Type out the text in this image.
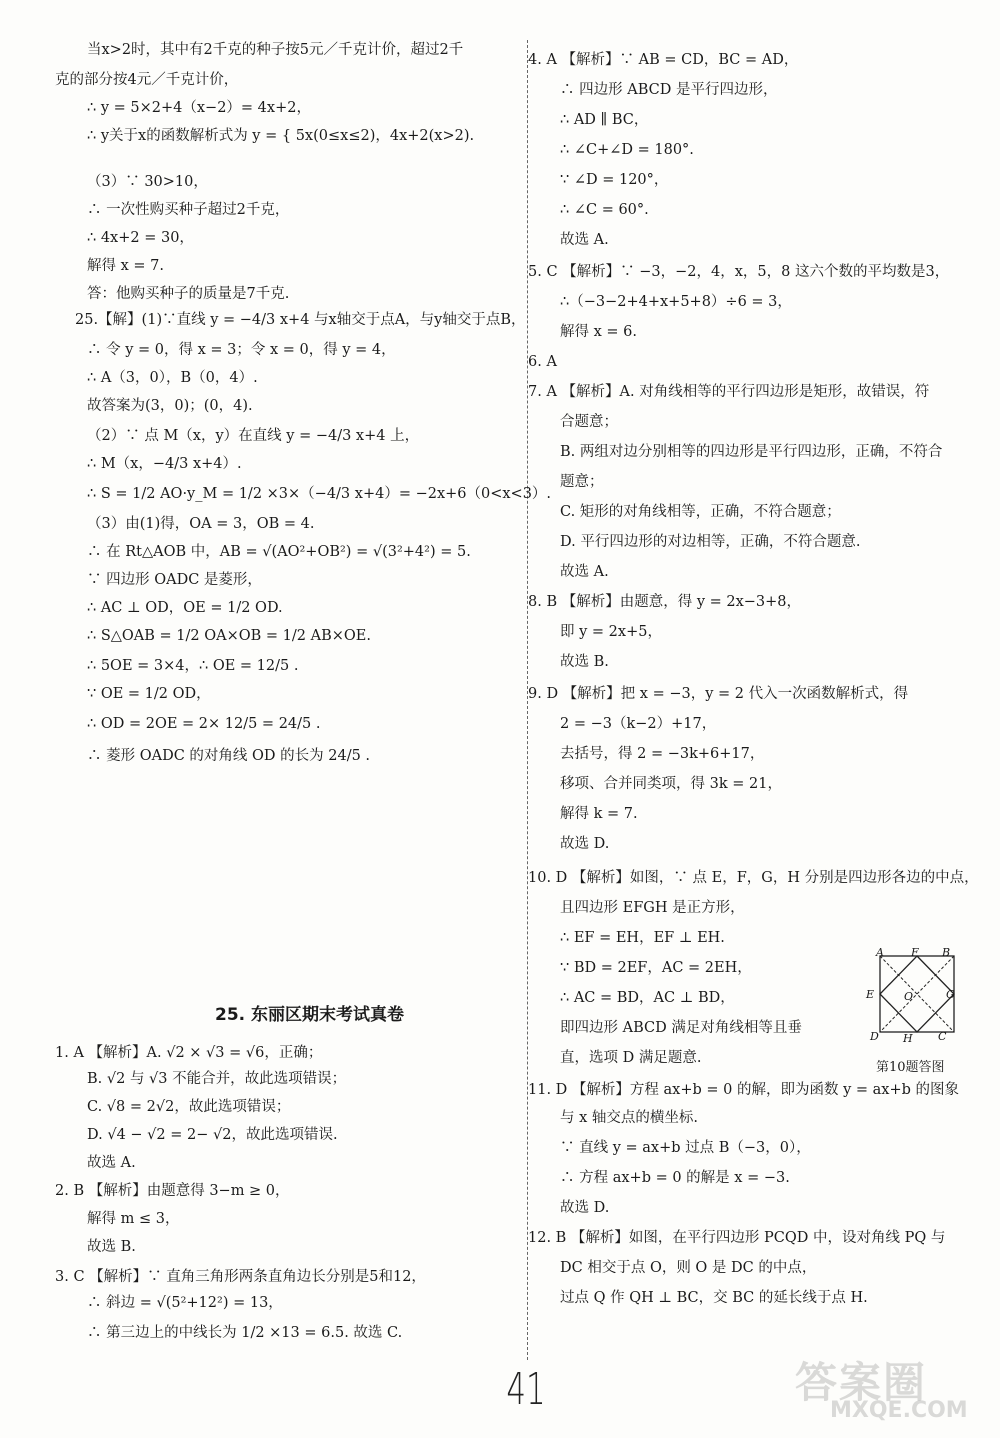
当x>2时，其中有2千克的种子按5元／千克计价，超过2千
克的部分按4元／千克计价，
∴ y = 5×2+4（x−2）= 4x+2，
∴ y关于x的函数解析式为 y = { 5x(0≤x≤2)，4x+2(x>2).
（3）∵ 30>10，
∴ 一次性购买种子超过2千克，
∴ 4x+2 = 30，
解得 x = 7.
答：他购买种子的质量是7千克.
25.【解】(1)∵直线 y = −4/3 x+4 与x轴交于点A，与y轴交于点B，
∴ 令 y = 0，得 x = 3；令 x = 0，得 y = 4，
∴ A（3，0），B（0，4）.
故答案为(3，0)；(0，4).
（2）∵ 点 M（x，y）在直线 y = −4/3 x+4 上，
∴ M（x，−4/3 x+4）.
∴ S = 1/2 AO·y_M = 1/2 ×3×（−4/3 x+4）= −2x+6（0<x<3）.
（3）由(1)得，OA = 3，OB = 4.
∴ 在 Rt△AOB 中，AB = √(AO²+OB²) = √(3²+4²) = 5.
∵ 四边形 OADC 是菱形，
∴ AC ⊥ OD，OE = 1/2 OD.
∴ S△OAB = 1/2 OA×OB = 1/2 AB×OE.
∴ 5OE = 3×4，∴ OE = 12/5 .
∵ OE = 1/2 OD，
∴ OD = 2OE = 2× 12/5 = 24/5 .
∴ 菱形 OADC 的对角线 OD 的长为 24/5 .
1. A 【解析】A. √2 × √3 = √6，正确；
B. √2 与 √3 不能合并，故此选项错误；
C. √8 = 2√2，故此选项错误；
D. √4 − √2 = 2− √2，故此选项错误.
故选 A.
2. B 【解析】由题意得 3−m ≥ 0，
解得 m ≤ 3，
故选 B.
3. C 【解析】∵ 直角三角形两条直角边长分别是5和12，
∴ 斜边 = √(5²+12²) = 13，
∴ 第三边上的中线长为 1/2 ×13 = 6.5. 故选 C.
25. 东丽区期末考试真卷
4. A 【解析】∵ AB = CD，BC = AD，
∴ 四边形 ABCD 是平行四边形，
∴ AD ∥ BC，
∴ ∠C+∠D = 180°.
∵ ∠D = 120°，
∴ ∠C = 60°.
故选 A.
5. C 【解析】∵ −3，−2，4，x，5，8 这六个数的平均数是3，
∴（−3−2+4+x+5+8）÷6 = 3，
解得 x = 6.
6. A
7. A 【解析】A. 对角线相等的平行四边形是矩形，故错误，符
合题意；
B. 两组对边分别相等的四边形是平行四边形，正确，不符合
题意；
C. 矩形的对角线相等，正确，不符合题意；
D. 平行四边形的对边相等，正确，不符合题意.
故选 A.
8. B 【解析】由题意，得 y = 2x−3+8，
即 y = 2x+5，
故选 B.
9. D 【解析】把 x = −3，y = 2 代入一次函数解析式，得
2 = −3（k−2）+17，
去括号，得 2 = −3k+6+17，
移项、合并同类项，得 3k = 21，
解得 k = 7.
故选 D.
10. D 【解析】如图，∵ 点 E，F，G，H 分别是四边形各边的中点，
且四边形 EFGH 是正方形，
∴ EF = EH，EF ⊥ EH.
∵ BD = 2EF，AC = 2EH，
∴ AC = BD，AC ⊥ BD，
即四边形 ABCD 满足对角线相等且垂
直，选项 D 满足题意.
11. D 【解析】方程 ax+b = 0 的解，即为函数 y = ax+b 的图象
与 x 轴交点的横坐标.
∵ 直线 y = ax+b 过点 B（−3，0），
∴ 方程 ax+b = 0 的解是 x = −3.
故选 D.
12. B 【解析】如图，在平行四边形 PCQD 中，设对角线 PQ 与
DC 相交于点 O，则 O 是 DC 的中点，
过点 Q 作 QH ⊥ BC，交 BC 的延长线于点 H.
A F B
E	O	G
D H C
第10题答图
41	答案圈
MXQE.COM
